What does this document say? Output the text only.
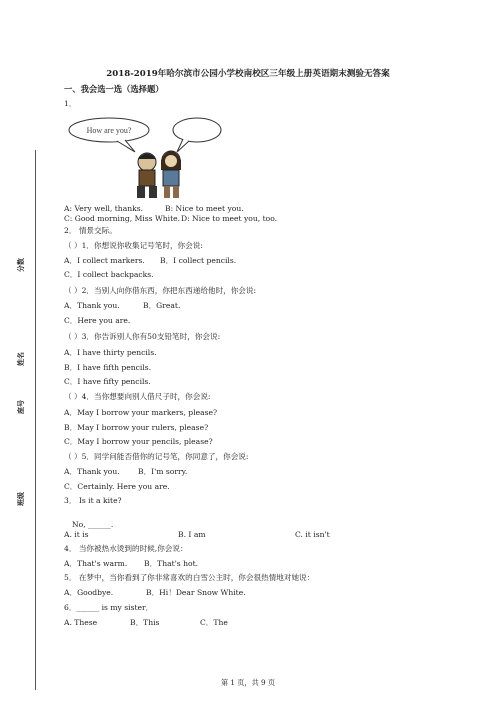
分数
姓名
座号
班级
2018-2019年哈尔滨市公园小学校南校区三年级上册英语期末测验无答案
一、我会选一选（选择题）
1．
How are you?
A: Very well, thanks.	B: Nice to meet you.
C: Good morning, Miss White. D: Nice to meet you, too.
2． 情景交际。
（ ）1．你想说你收集记号笔时，你会说:
A．I collect markers. B．I collect pencils.
C．I collect backpacks.
（ ）2．当别人向你借东西，你把东西递给他时，你会说:
A．Thank you.	B．Great.
C．Here you are.
（ ）3．你告诉别人你有50支铅笔时，你会说:
A．I have thirty pencils.
B．I have fifth pencils.
C．I have fifty pencils.
（ ）4．当你想要向别人借尺子时，你会说:
A．May I borrow your markers, please?
B．May I borrow your rulers, please?
C．May I borrow your pencils, please?
（ ）5．同学问能否借你的记号笔，你同意了，你会说:
A．Thank you. B．I'm sorry.
C．Certainly. Here you are.
3． Is it a kite?
No, ______.
A. it is	B. I am	C. it isn't
4． 当你被热水烫到的时候,你会说：
A．That's warm. B．That's hot.
5． 在梦中，当你看到了你非常喜欢的白雪公主时，你会很热情地对她说：
A．Goodbye.	B．Hi！Dear Snow White.
6．______ is my sister．
A. These	B．This	C．The
第 1 页，共 9 页
